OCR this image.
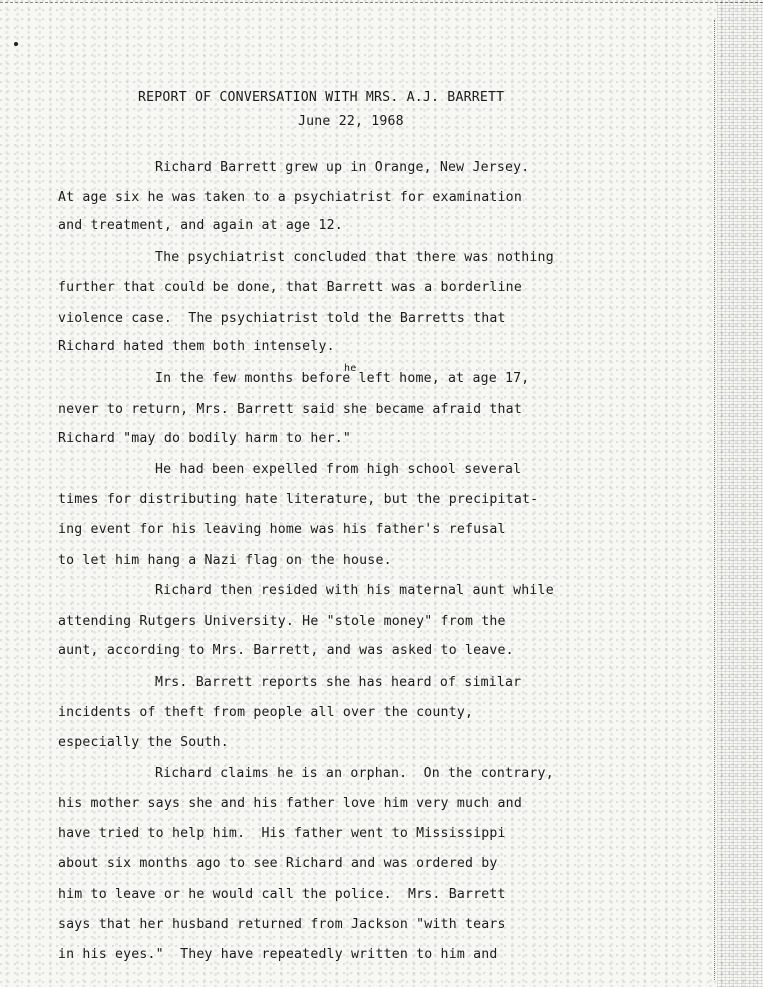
REPORT OF CONVERSATION WITH MRS. A.J. BARRETT
June 22, 1968
Richard Barrett grew up in Orange, New Jersey.
At age six he was taken to a psychiatrist for examination
and treatment, and again at age 12.
The psychiatrist concluded that there was nothing
further that could be done, that Barrett was a borderline
violence case.  The psychiatrist told the Barretts that
Richard hated them both intensely.
he
In the few months before left home, at age 17,
never to return, Mrs. Barrett said she became afraid that
Richard "may do bodily harm to her."
He had been expelled from high school several
times for distributing hate literature, but the precipitat-
ing event for his leaving home was his father's refusal
to let him hang a Nazi flag on the house.
Richard then resided with his maternal aunt while
attending Rutgers University. He "stole money" from the
aunt, according to Mrs. Barrett, and was asked to leave.
Mrs. Barrett reports she has heard of similar
incidents of theft from people all over the county,
especially the South.
Richard claims he is an orphan.  On the contrary,
his mother says she and his father love him very much and
have tried to help him.  His father went to Mississippi
about six months ago to see Richard and was ordered by
him to leave or he would call the police.  Mrs. Barrett
says that her husband returned from Jackson "with tears
in his eyes."  They have repeatedly written to him and
